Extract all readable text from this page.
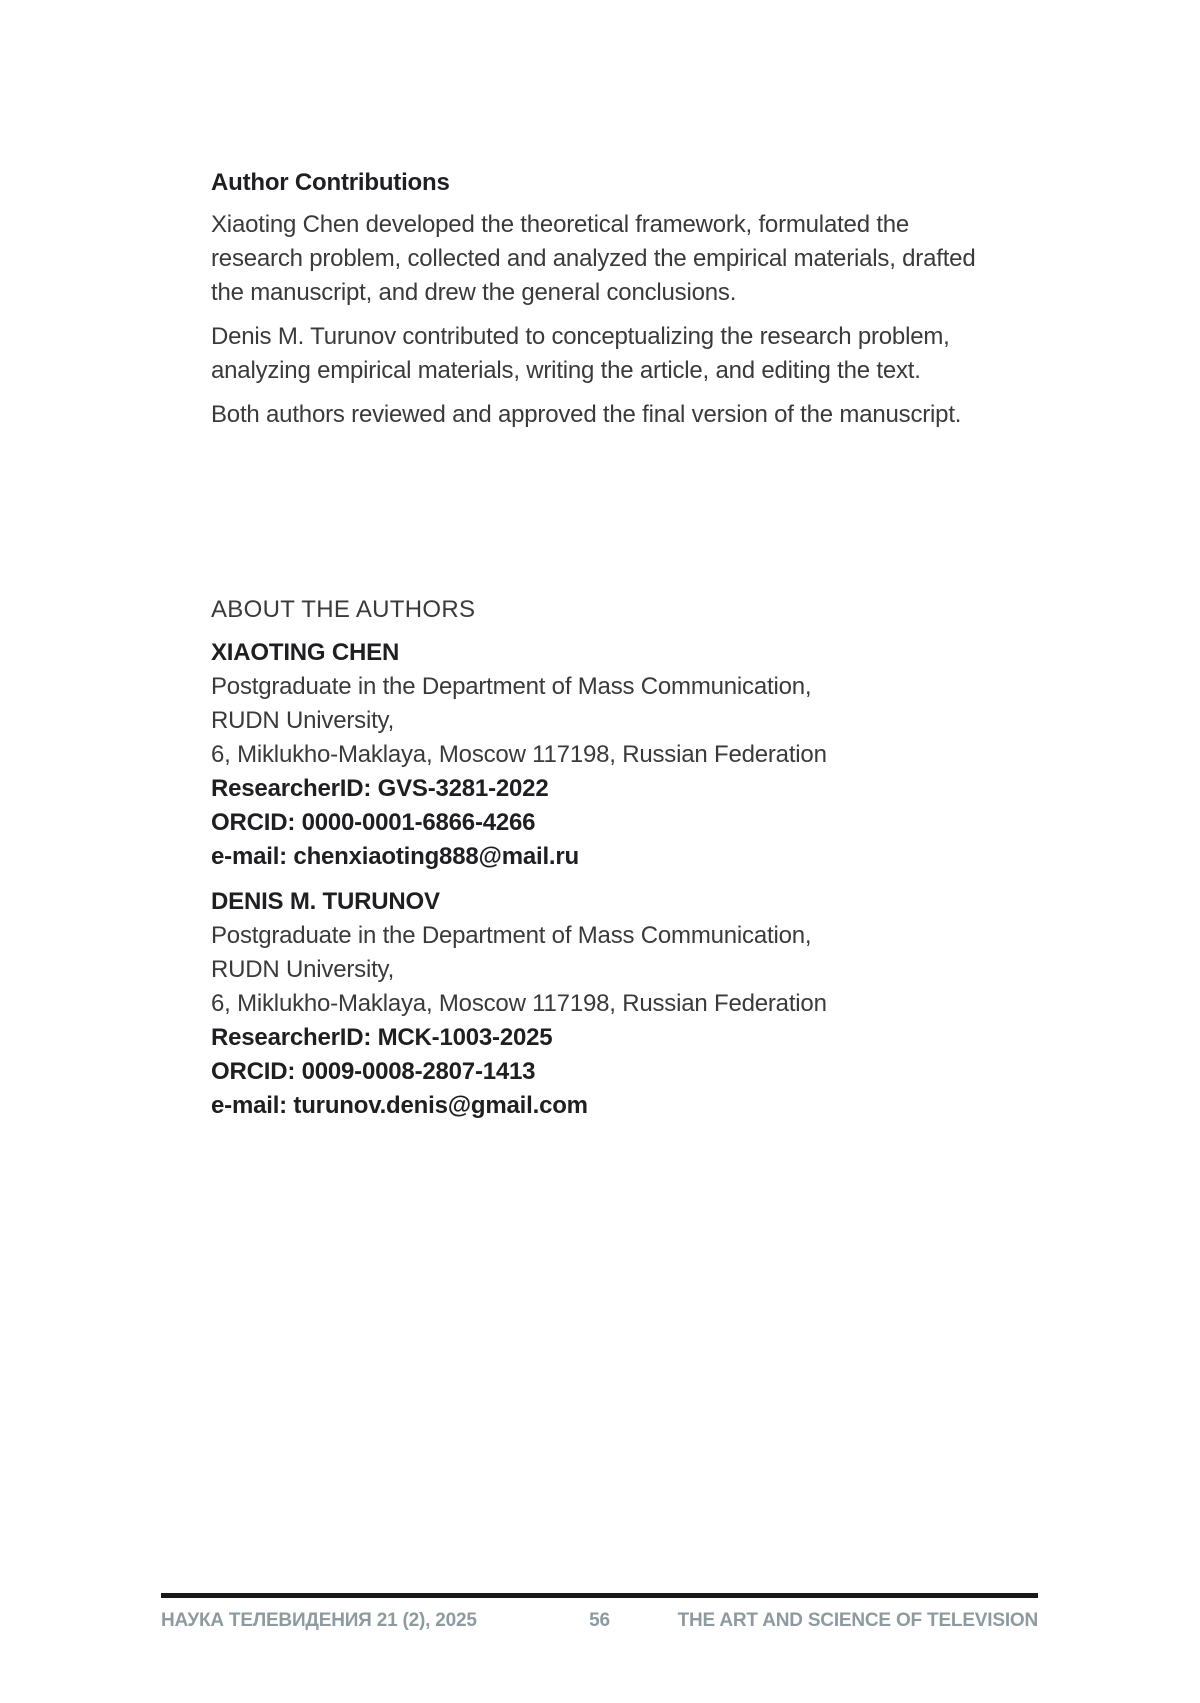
Author Contributions

Xiaoting Chen developed the theoretical framework, formulated the
research problem, collected and analyzed the empirical materials, drafted
the manuscript, and drew the general conclusions.

Denis M. Turunov contributed to conceptualizing the research problem,
analyzing empirical materials, writing the article, and editing the text.

Both authors reviewed and approved the final version of the manuscript.

ABOUT THE AUTHORS
XIAOTING CHEN
Postgraduate in the Department of Mass Communication,
RUDN University,
6, Miklukho-Maklaya, Moscow 117198, Russian Federation
ResearcherID: GVS-3281-2022
ORCID: 0000-0001-6866-4266
e-mail: chenxiaoting888@mail.ru
DENIS M. TURUNOV
Postgraduate in the Department of Mass Communication,
RUDN University,
6, Miklukho-Maklaya, Moscow 117198, Russian Federation
ResearcherID: MCK-1003-2025
ORCID: 0009-0008-2807-1413
e-mail: turunov.denis@gmail.com
НАУКА ТЕЛЕВИДЕНИЯ 21 (2), 2025	56	THE ART AND SCIENCE OF TELEVISION
